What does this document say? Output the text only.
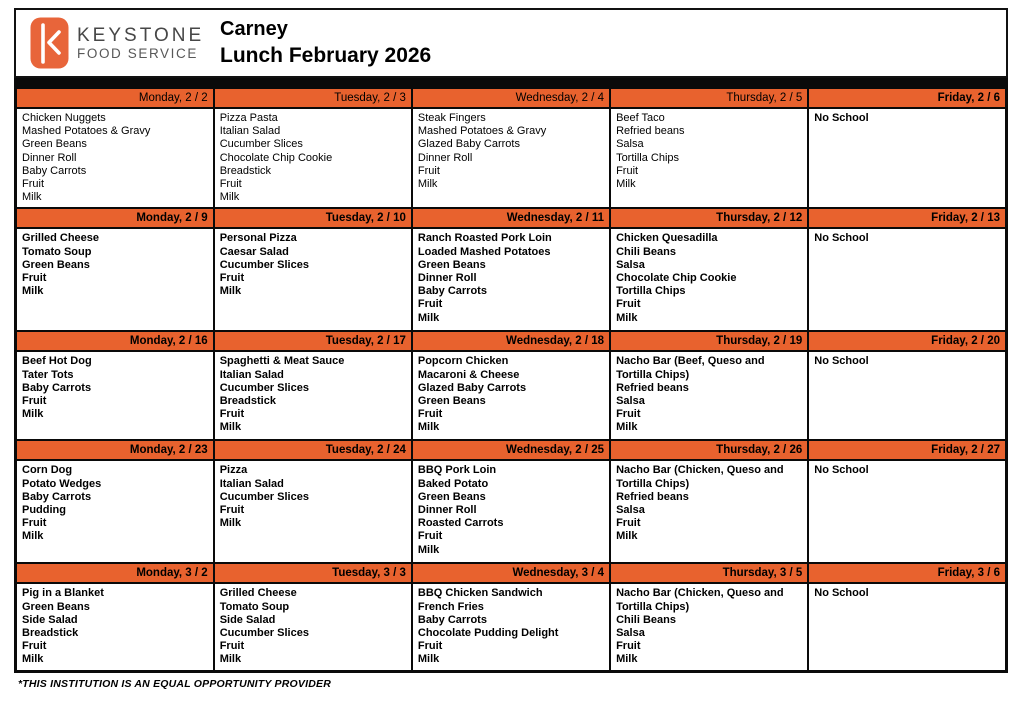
KEYSTONE
FOOD SERVICE
Carney
Lunch February 2026
Monday, 2 / 2	Tuesday, 2 / 3	Wednesday, 2 / 4	Thursday, 2 / 5	Friday, 2 / 6

Chicken Nuggets
Mashed Potatoes & Gravy
Green Beans
Dinner Roll
Baby Carrots
Fruit
Milk

Pizza Pasta
Italian Salad
Cucumber Slices
Chocolate Chip Cookie
Breadstick
Fruit
Milk

Steak Fingers
Mashed Potatoes & Gravy
Glazed Baby Carrots
Dinner Roll
Fruit
Milk

Beef Taco
Refried beans
Salsa
Tortilla Chips
Fruit
Milk

No School

Monday, 2 / 9	Tuesday, 2 / 10	Wednesday, 2 / 11	Thursday, 2 / 12	Friday, 2 / 13

Grilled Cheese
Tomato Soup
Green Beans
Fruit
Milk

Personal Pizza
Caesar Salad
Cucumber Slices
Fruit
Milk

Ranch Roasted Pork Loin
Loaded Mashed Potatoes
Green Beans
Dinner Roll
Baby Carrots
Fruit
Milk

Chicken Quesadilla
Chili Beans
Salsa
Chocolate Chip Cookie
Tortilla Chips
Fruit
Milk

No School

Monday, 2 / 16	Tuesday, 2 / 17	Wednesday, 2 / 18	Thursday, 2 / 19	Friday, 2 / 20

Beef Hot Dog
Tater Tots
Baby Carrots
Fruit
Milk

Spaghetti & Meat Sauce
Italian Salad
Cucumber Slices
Breadstick
Fruit
Milk

Popcorn Chicken
Macaroni & Cheese
Glazed Baby Carrots
Green Beans
Fruit
Milk

Nacho Bar (Beef, Queso and Tortilla Chips)
Refried beans
Salsa
Fruit
Milk

No School

Monday, 2 / 23	Tuesday, 2 / 24	Wednesday, 2 / 25	Thursday, 2 / 26	Friday, 2 / 27

Corn Dog
Potato Wedges
Baby Carrots
Pudding
Fruit
Milk

Pizza
Italian Salad
Cucumber Slices
Fruit
Milk

BBQ Pork Loin
Baked Potato
Green Beans
Dinner Roll
Roasted Carrots
Fruit
Milk

Nacho Bar (Chicken, Queso and Tortilla Chips)
Refried beans
Salsa
Fruit
Milk

No School

Monday, 3 / 2	Tuesday, 3 / 3	Wednesday, 3 / 4	Thursday, 3 / 5	Friday, 3 / 6

Pig in a Blanket
Green Beans
Side Salad
Breadstick
Fruit
Milk

Grilled Cheese
Tomato Soup
Side Salad
Cucumber Slices
Fruit
Milk

BBQ Chicken Sandwich
French Fries
Baby Carrots
Chocolate Pudding Delight
Fruit
Milk

Nacho Bar (Chicken, Queso and Tortilla Chips)
Chili Beans
Salsa
Fruit
Milk

No School
*THIS INSTITUTION IS AN EQUAL OPPORTUNITY PROVIDER
